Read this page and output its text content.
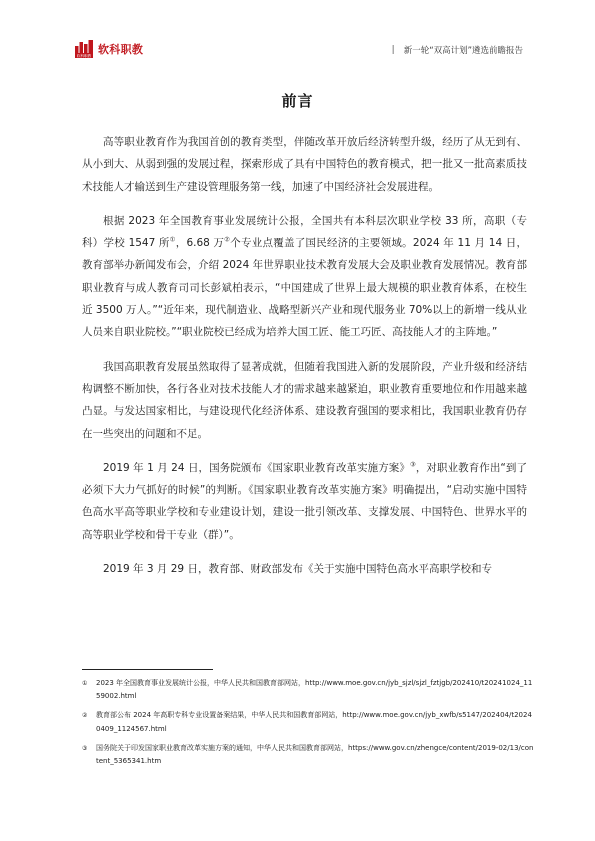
软科职教 软科职教	| 新一轮“双高计划”遴选前瞻报告
前言

高等职业教育作为我国首创的教育类型，伴随改革开放后经济转型升级，经历了从无到有、从小到大、从弱到强的发展过程，探索形成了具有中国特色的教育模式，把一批又一批高素质技术技能人才输送到生产建设管理服务第一线，加速了中国经济社会发展进程。

根据 2023 年全国教育事业发展统计公报，全国共有本科层次职业学校 33 所，高职（专科）学校 1547 所①，6.68 万②个专业点覆盖了国民经济的主要领域。2024 年 11 月 14 日，教育部举办新闻发布会，介绍 2024 年世界职业技术教育发展大会及职业教育发展情况。教育部职业教育与成人教育司司长彭斌柏表示，“中国建成了世界上最大规模的职业教育体系，在校生近 3500 万人。”“近年来，现代制造业、战略型新兴产业和现代服务业 70%以上的新增一线从业人员来自职业院校。”“职业院校已经成为培养大国工匠、能工巧匠、高技能人才的主阵地。”

我国高职教育发展虽然取得了显著成就，但随着我国进入新的发展阶段，产业升级和经济结构调整不断加快，各行各业对技术技能人才的需求越来越紧迫，职业教育重要地位和作用越来越凸显。与发达国家相比，与建设现代化经济体系、建设教育强国的要求相比，我国职业教育仍存在一些突出的问题和不足。

2019 年 1 月 24 日，国务院颁布《国家职业教育改革实施方案》③，对职业教育作出“到了必须下大力气抓好的时候”的判断。《国家职业教育改革实施方案》明确提出，“启动实施中国特色高水平高等职业学校和专业建设计划，建设一批引领改革、支撑发展、中国特色、世界水平的高等职业学校和骨干专业（群）”。

2019 年 3 月 29 日，教育部、财政部发布《关于实施中国特色高水平高职学校和专

① 2023 年全国教育事业发展统计公报，中华人民共和国教育部网站，http://www.moe.gov.cn/jyb_sjzl/sjzl_fztjgb/202410/t20241024_1159002.html
② 教育部公布 2024 年高职专科专业设置备案结果，中华人民共和国教育部网站，http://www.moe.gov.cn/jyb_xwfb/s5147/202404/t20240409_1124567.html
③ 国务院关于印发国家职业教育改革实施方案的通知，中华人民共和国教育部网站，https://www.gov.cn/zhengce/content/2019-02/13/content_5365341.htm
